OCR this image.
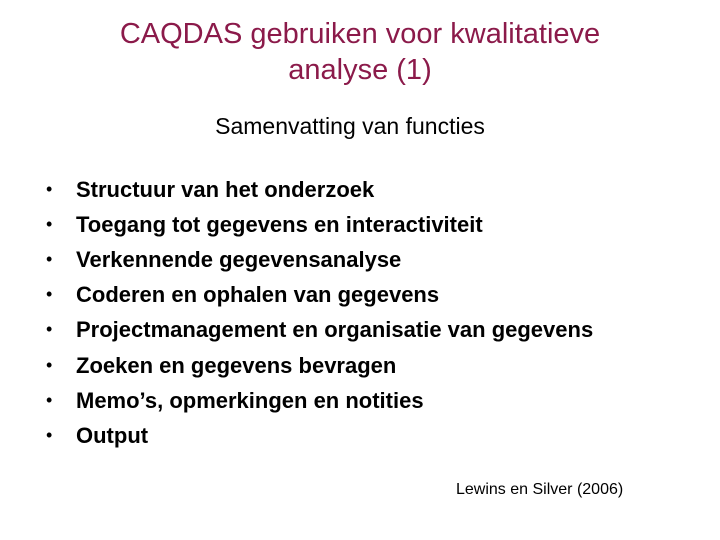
CAQDAS gebruiken voor kwalitatieve
analyse (1)
Samenvatting van functies
• Structuur van het onderzoek
• Toegang tot gegevens en interactiviteit
• Verkennende gegevensanalyse
• Coderen en ophalen van gegevens
• Projectmanagement en organisatie van gegevens
• Zoeken en gegevens bevragen
• Memo’s, opmerkingen en notities
• Output
Lewins en Silver (2006)
